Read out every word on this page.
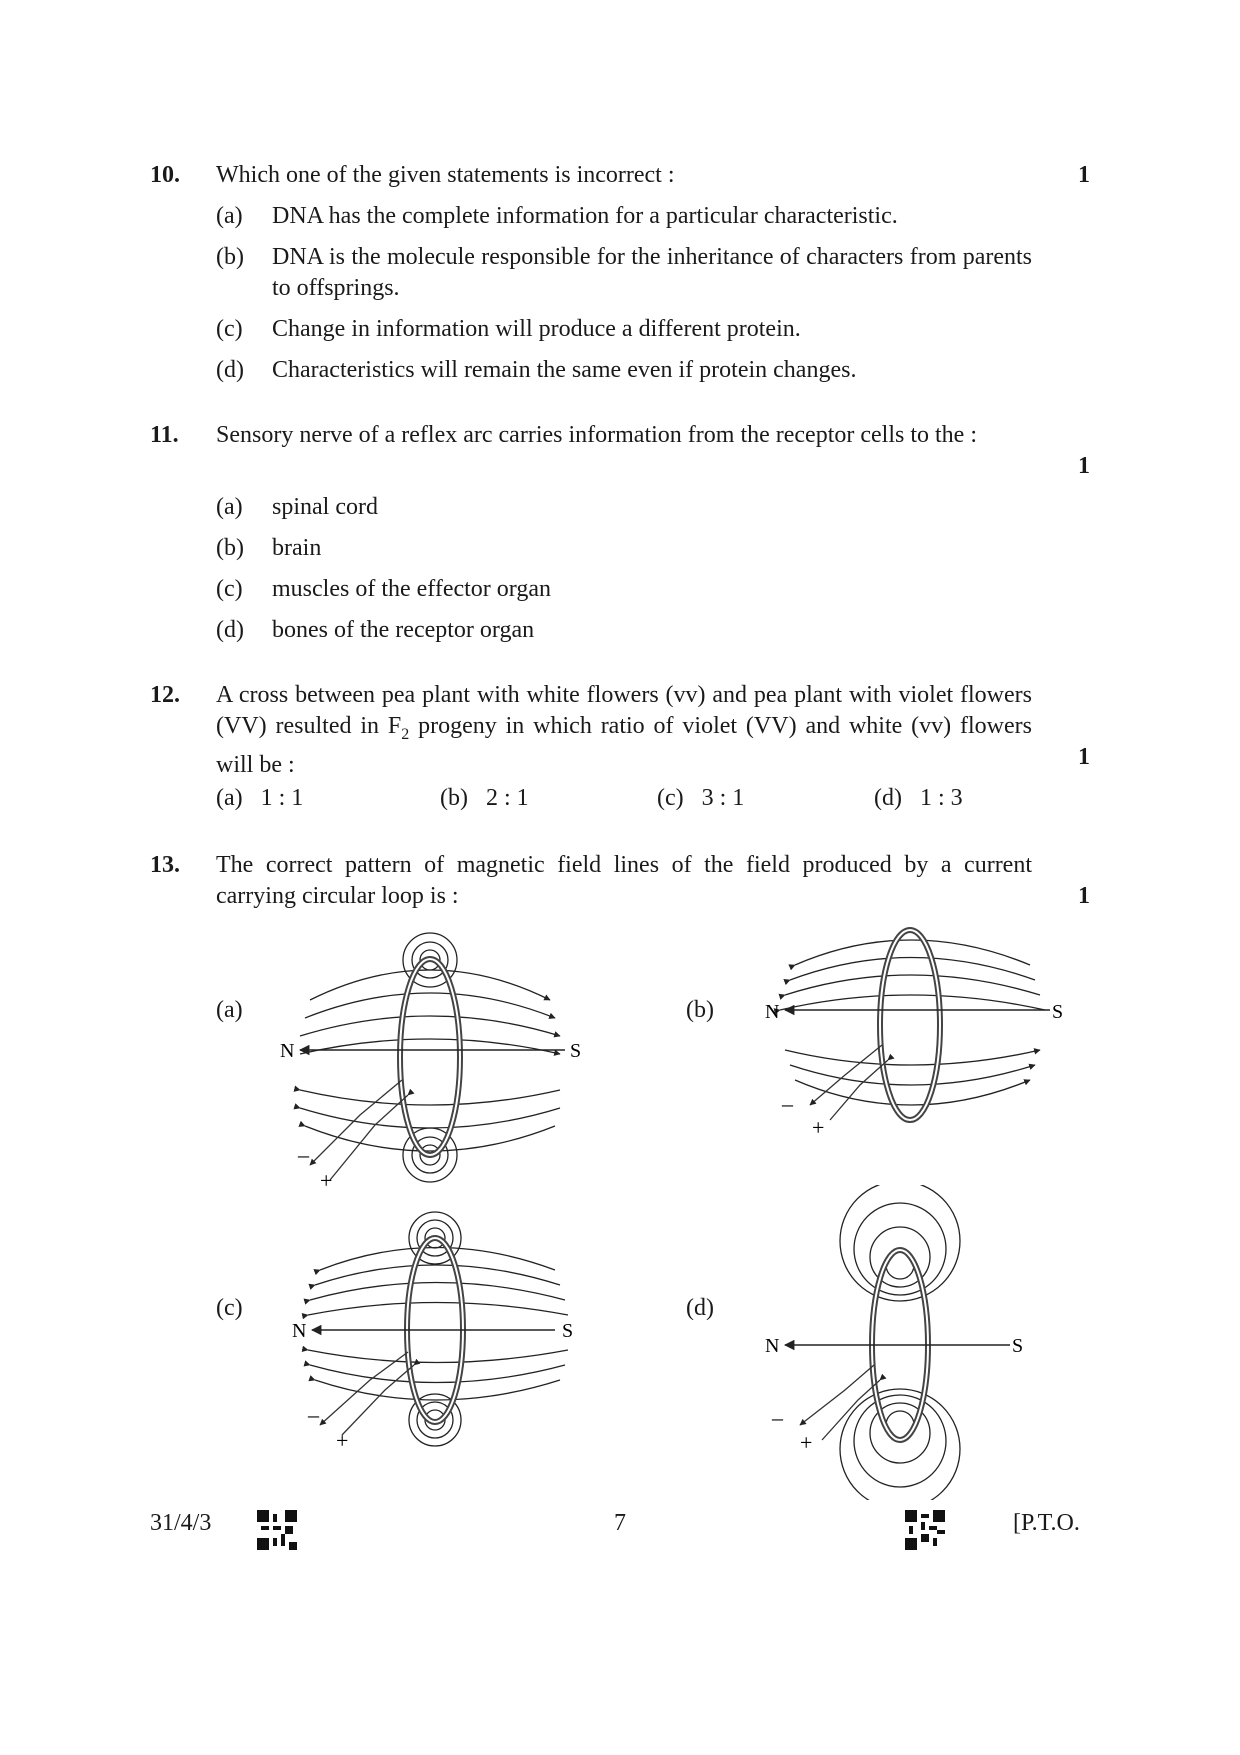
10. Which one of the given statements is incorrect :	1
(a) DNA has the complete information for a particular characteristic.
(b) DNA is the molecule responsible for the inheritance of characters from parents to offsprings.
(c) Change in information will produce a different protein.
(d) Characteristics will remain the same even if protein changes.
11. Sensory nerve of a reflex arc carries information from the receptor cells to the :
1
(a) spinal cord
(b) brain
(c) muscles of the effector organ
(d) bones of the receptor organ
12. A cross between pea plant with white flowers (vv) and pea plant with violet flowers (VV) resulted in $F_2$ progeny in which ratio of violet (VV) and white (vv) flowers will be :	1
(a) 1 : 1	(b) 2 : 1	(c) 3 : 1	(d) 1 : 3
13. The correct pattern of magnetic field lines of the field produced by a current carrying circular loop is :	1
(a)	(b)
(c)	(d)
N	S
–
+
N	S
–
+
N	S
–
+
N	S
–
+
31/4/3	7	[P.T.O.
